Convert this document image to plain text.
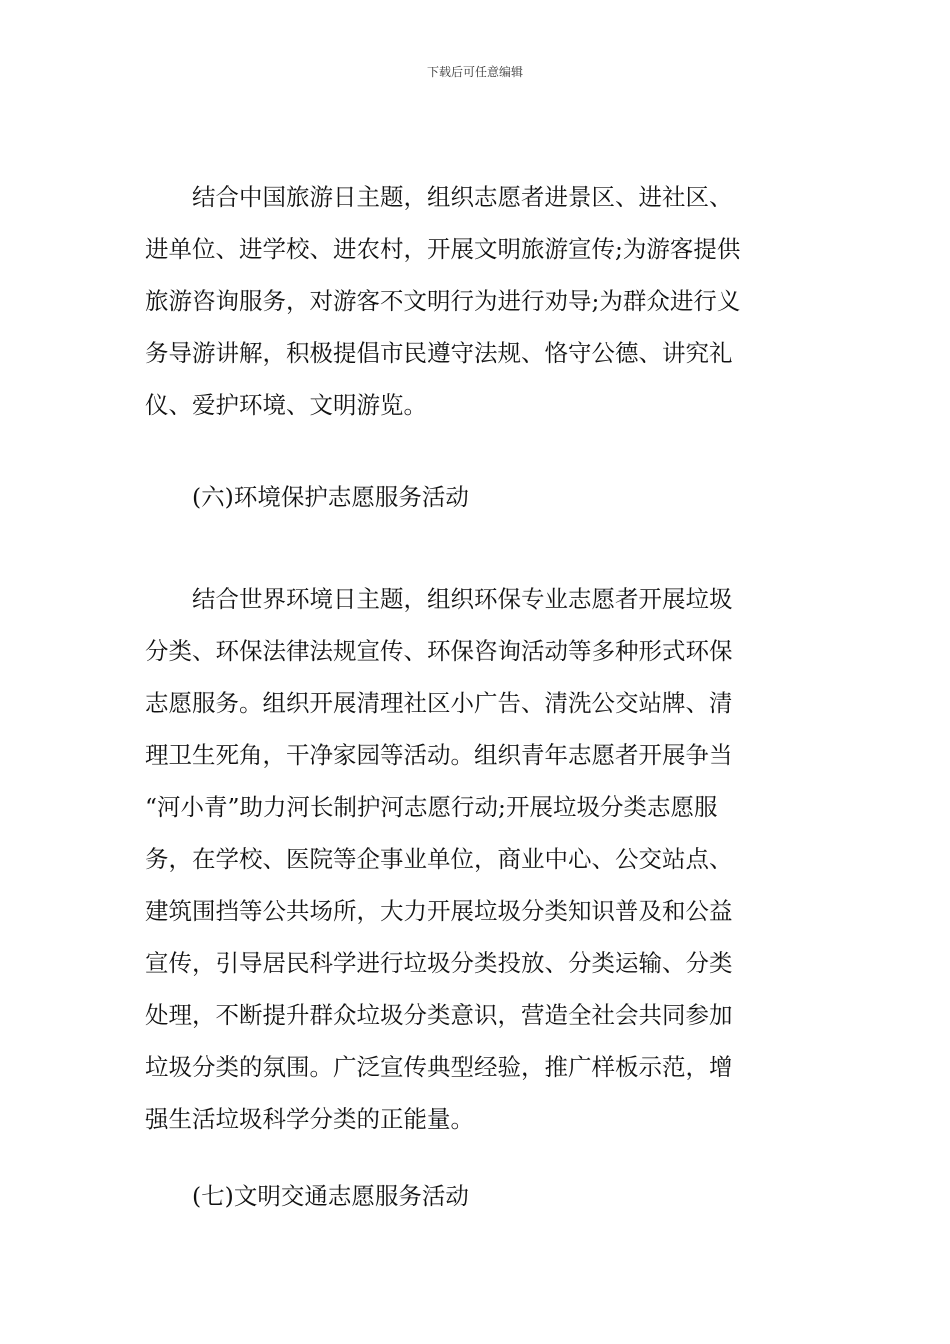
下载后可任意编辑
结合中国旅游日主题，组织志愿者进景区、进社区、
进单位、进学校、进农村，开展文明旅游宣传;为游客提供
旅游咨询服务，对游客不文明行为进行劝导;为群众进行义
务导游讲解，积极提倡市民遵守法规、恪守公德、讲究礼
仪、爱护环境、文明游览。
(六)环境保护志愿服务活动
结合世界环境日主题，组织环保专业志愿者开展垃圾
分类、环保法律法规宣传、环保咨询活动等多种形式环保
志愿服务。组织开展清理社区小广告、清洗公交站牌、清
理卫生死角，干净家园等活动。组织青年志愿者开展争当
“河小青”助力河长制护河志愿行动;开展垃圾分类志愿服
务，在学校、医院等企事业单位，商业中心、公交站点、
建筑围挡等公共场所，大力开展垃圾分类知识普及和公益
宣传，引导居民科学进行垃圾分类投放、分类运输、分类
处理，不断提升群众垃圾分类意识，营造全社会共同参加
垃圾分类的氛围。广泛宣传典型经验，推广样板示范，增
强生活垃圾科学分类的正能量。
(七)文明交通志愿服务活动
